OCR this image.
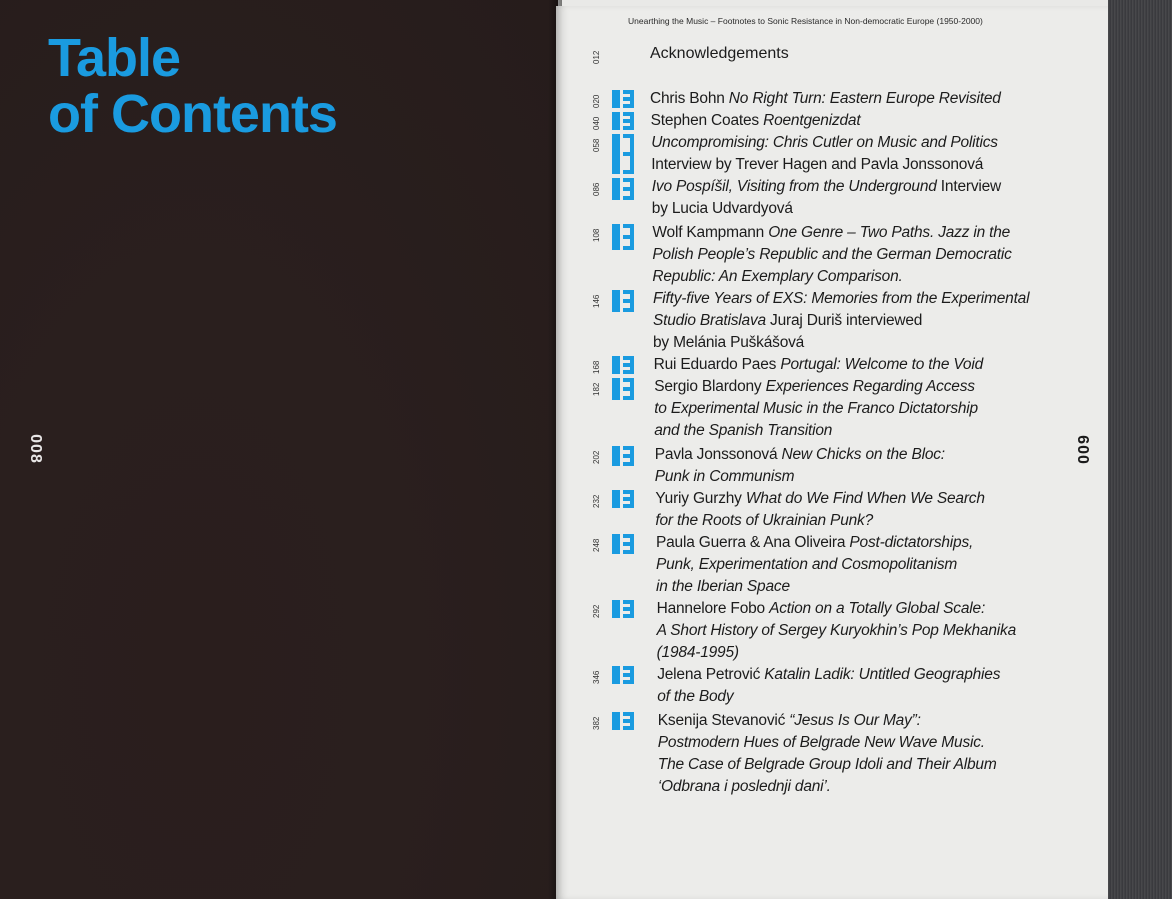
Table
of Contents
008
Unearthing the Music – Footnotes to Sonic Resistance in Non-democratic Europe (1950-2000)
009
012	Acknowledgements
020	Chris Bohn No Right Turn: Eastern Europe Revisited
040	Stephen Coates Roentgenizdat
058	Uncompromising: Chris Cutler on Music and Politics
Interview by Trever Hagen and Pavla Jonssonová
086	Ivo Pospíšil, Visiting from the Underground Interview
by Lucia Udvardyová
108	Wolf Kampmann One Genre – Two Paths. Jazz in the
Polish People’s Republic and the German Democratic
Republic: An Exemplary Comparison.
146	Fifty-five Years of EXS: Memories from the Experimental
Studio Bratislava Juraj Duriš interviewed
by Melánia Puškášová
168	Rui Eduardo Paes Portugal: Welcome to the Void
182	Sergio Blardony Experiences Regarding Access
to Experimental Music in the Franco Dictatorship
and the Spanish Transition
202	Pavla Jonssonová New Chicks on the Bloc:
Punk in Communism
232	Yuriy Gurzhy What do We Find When We Search
for the Roots of Ukrainian Punk?
248	Paula Guerra & Ana Oliveira Post-dictatorships,
Punk, Experimentation and Cosmopolitanism
in the Iberian Space
292	Hannelore Fobo Action on a Totally Global Scale:
A Short History of Sergey Kuryokhin’s Pop Mekhanika
(1984-1995)
346	Jelena Petrović Katalin Ladik: Untitled Geographies
of the Body
382	Ksenija Stevanović “Jesus Is Our May”:
Postmodern Hues of Belgrade New Wave Music.
The Case of Belgrade Group Idoli and Their Album
‘Odbrana i poslednji dani’.
